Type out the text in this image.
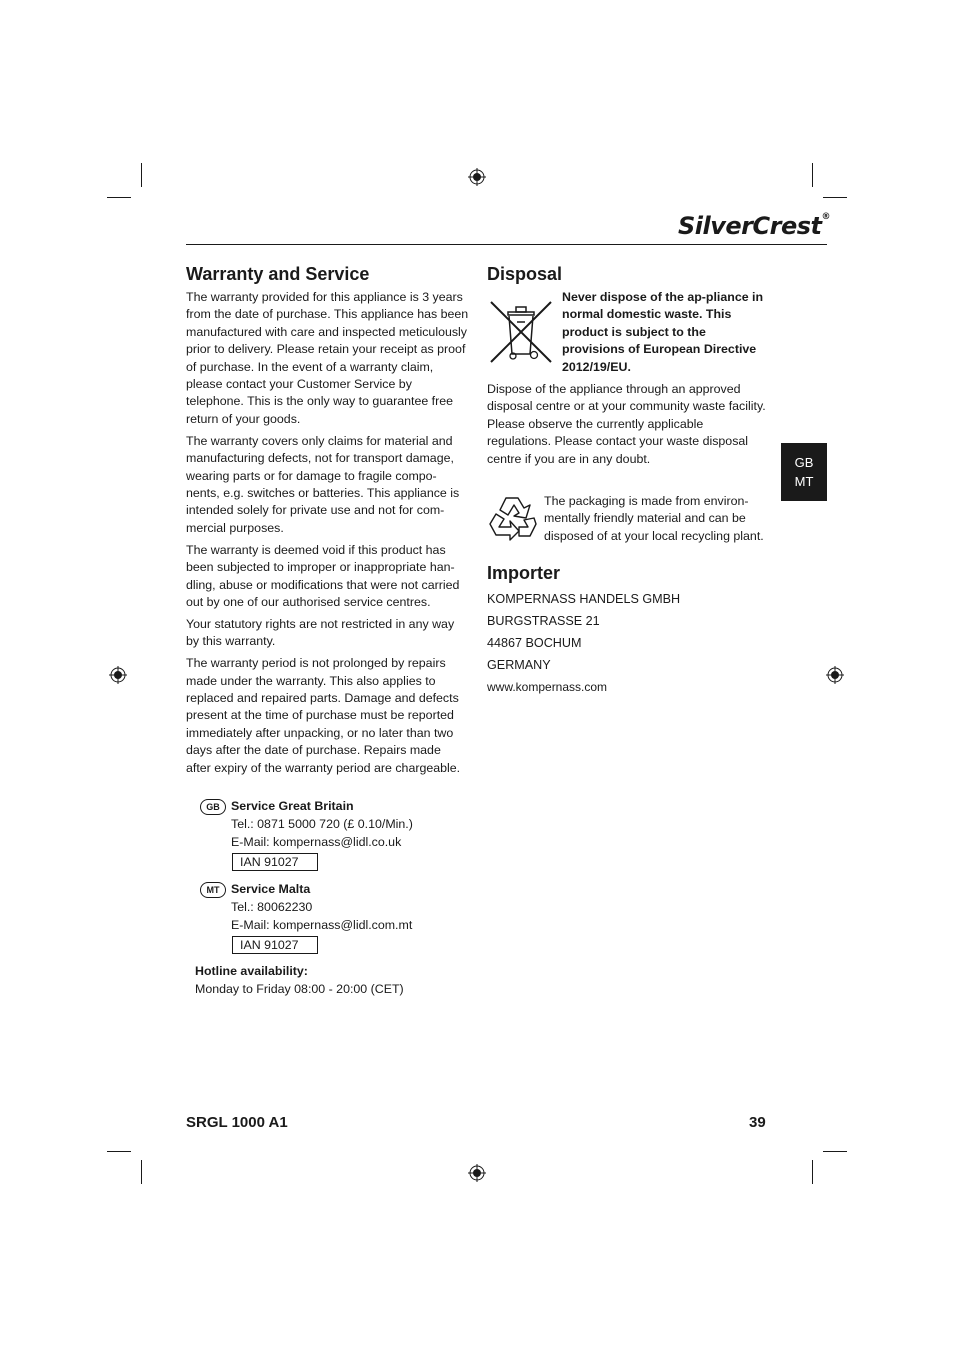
SilverCrest®
Warranty and Service

The warranty provided for this appliance is 3 years from the date of purchase. This appliance has been manufactured with care and inspected meticulously prior to delivery. Please retain your receipt as proof of purchase. In the event of a warranty claim, please contact your Customer Service by telephone. This is the only way to guarantee free return of your goods.

The warranty covers only claims for material and manufacturing defects, not for transport damage, wearing parts or for damage to fragile compo-nents, e.g. switches or batteries. This appliance is intended solely for private use and not for com-mercial purposes.

The warranty is deemed void if this product has been subjected to improper or inappropriate han-dling, abuse or modifications that were not carried out by one of our authorised service centres.

Your statutory rights are not restricted in any way by this warranty.

The warranty period is not prolonged by repairs made under the warranty. This also applies to replaced and repaired parts. Damage and defects present at the time of purchase must be reported immediately after unpacking, or no later than two days after the date of purchase. Repairs made after expiry of the warranty period are chargeable.

GB Service Great Britain
Tel.: 0871 5000 720 (£ 0.10/Min.)
E-Mail: kompernass@lidl.co.uk
IAN 91027
MT Service Malta
Tel.: 80062230
E-Mail: kompernass@lidl.com.mt
IAN 91027
Hotline availability:
Monday to Friday 08:00 - 20:00 (CET)
Disposal
Never dispose of the ap-pliance in normal domestic waste. This product is subject to the provisions of European Directive 2012/19/EU.
Dispose of the appliance through an approved disposal centre or at your community waste facility. Please observe the currently applicable regulations. Please contact your waste disposal centre if you are in any doubt.
The packaging is made from environ-mentally friendly material and can be disposed of at your local recycling plant.
Importer
KOMPERNASS HANDELS GMBH
BURGSTRASSE 21
44867 BOCHUM
GERMANY
www.kompernass.com
GB
MT
SRGL 1000 A1	39
